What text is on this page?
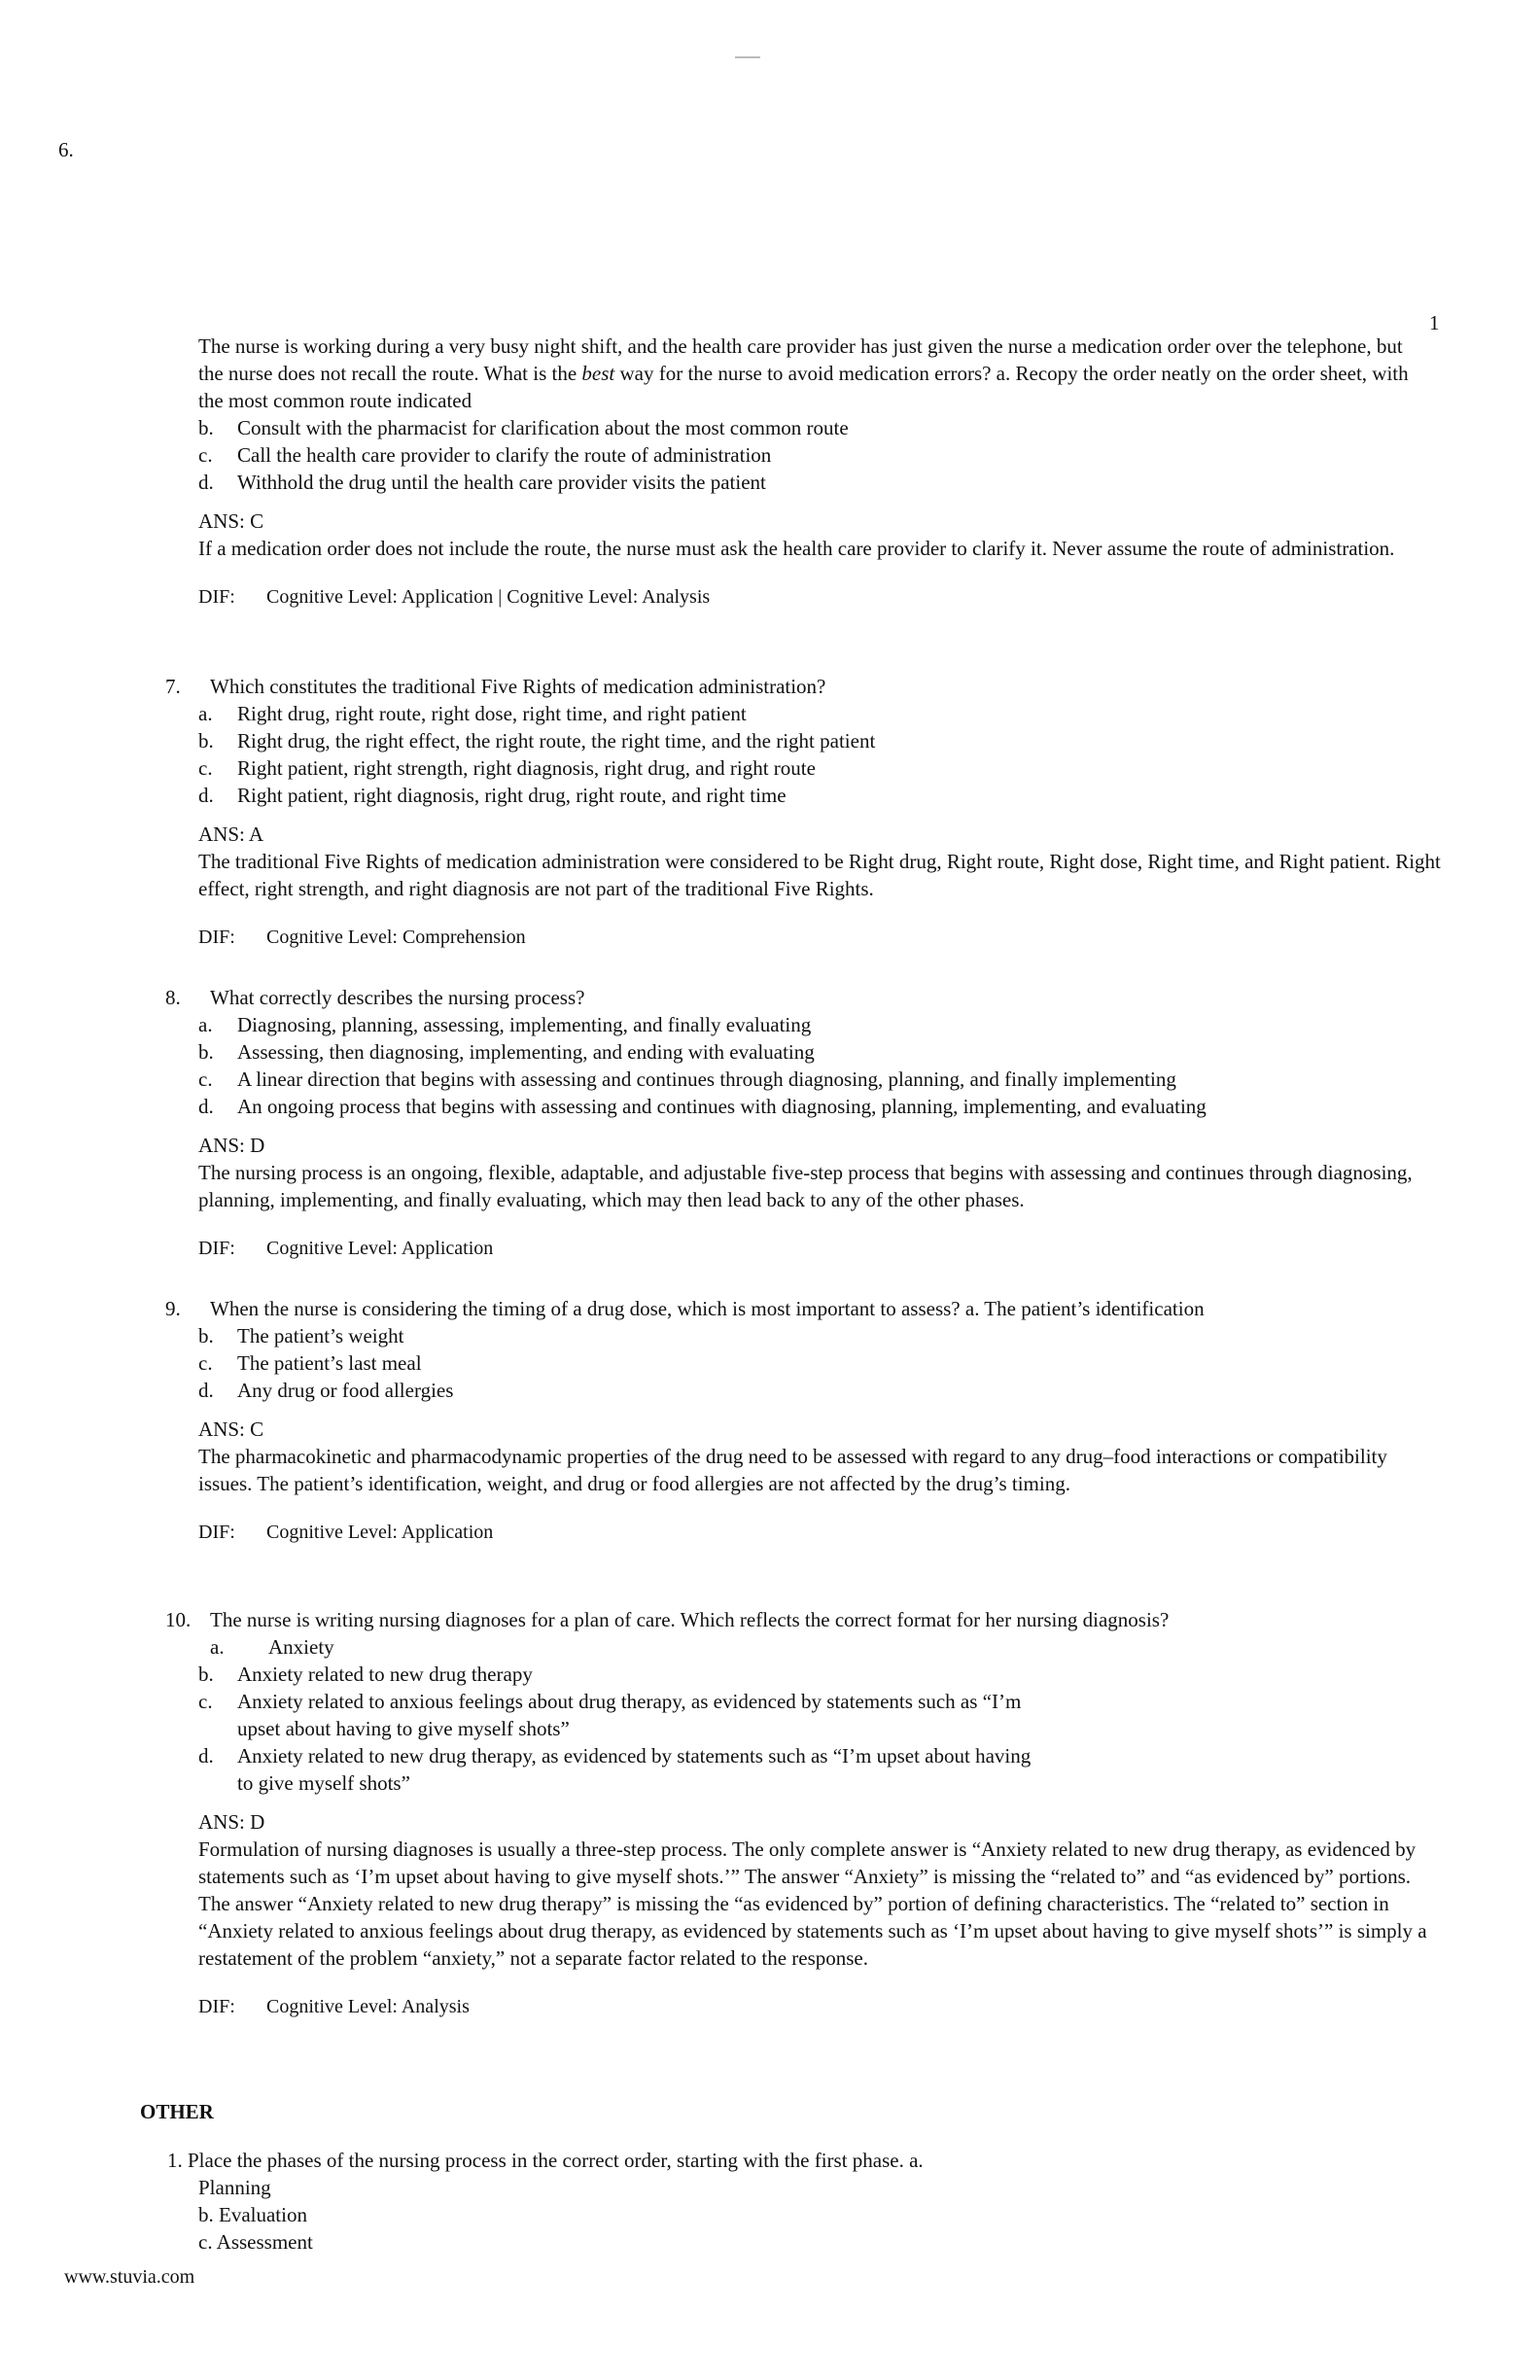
6.
1

The nurse is working during a very busy night shift, and the health care provider has just given the nurse a medication order over the telephone, but the nurse does not recall the route. What is the best way for the nurse to avoid medication errors? a. Recopy the order neatly on the order sheet, with the most common route indicated

b.	Consult with the pharmacist for clarification about the most common route
c.	Call the health care provider to clarify the route of administration
d.	Withhold the drug until the health care provider visits the patient

ANS: C

If a medication order does not include the route, the nurse must ask the health care provider to clarify it. Never assume the route of administration.

DIF: Cognitive Level: Application | Cognitive Level: Analysis

7. Which constitutes the traditional Five Rights of medication administration?
a.	Right drug, right route, right dose, right time, and right patient
b.	Right drug, the right effect, the right route, the right time, and the right patient
c.	Right patient, right strength, right diagnosis, right drug, and right route
d.	Right patient, right diagnosis, right drug, right route, and right time

ANS: A

The traditional Five Rights of medication administration were considered to be Right drug, Right route, Right dose, Right time, and Right patient. Right effect, right strength, and right diagnosis are not part of the traditional Five Rights.

DIF: Cognitive Level: Comprehension

8. What correctly describes the nursing process?
a.	Diagnosing, planning, assessing, implementing, and finally evaluating
b.	Assessing, then diagnosing, implementing, and ending with evaluating
c.	A linear direction that begins with assessing and continues through diagnosing, planning, and finally implementing
d.	An ongoing process that begins with assessing and continues with diagnosing, planning, implementing, and evaluating

ANS: D

The nursing process is an ongoing, flexible, adaptable, and adjustable five-step process that begins with assessing and continues through diagnosing, planning, implementing, and finally evaluating, which may then lead back to any of the other phases.

DIF: Cognitive Level: Application

9. When the nurse is considering the timing of a drug dose, which is most important to assess? a. The patient’s identification
b.	The patient’s weight
c.	The patient’s last meal
d.	Any drug or food allergies

ANS: C

The pharmacokinetic and pharmacodynamic properties of the drug need to be assessed with regard to any drug–food interactions or compatibility issues. The patient’s identification, weight, and drug or food allergies are not affected by the drug’s timing.

DIF: Cognitive Level: Application

10. The nurse is writing nursing diagnoses for a plan of care. Which reflects the correct format for her nursing diagnosis?
a.	Anxiety
b.	Anxiety related to new drug therapy
c.	Anxiety related to anxious feelings about drug therapy, as evidenced by statements such as “I’m upset about having to give myself shots”
d.	Anxiety related to new drug therapy, as evidenced by statements such as “I’m upset about having to give myself shots”

ANS: D

Formulation of nursing diagnoses is usually a three-step process. The only complete answer is “Anxiety related to new drug therapy, as evidenced by statements such as ‘I’m upset about having to give myself shots.’” The answer “Anxiety” is missing the “related to” and “as evidenced by” portions. The answer “Anxiety related to new drug therapy” is missing the “as evidenced by” portion of defining characteristics. The “related to” section in “Anxiety related to anxious feelings about drug therapy, as evidenced by statements such as ‘I’m upset about having to give myself shots’” is simply a restatement of the problem “anxiety,” not a separate factor related to the response.

DIF: Cognitive Level: Analysis

OTHER

1. Place the phases of the nursing process in the correct order, starting with the first phase. a.

Planning

b. Evaluation

c. Assessment

www.stuvia.com
